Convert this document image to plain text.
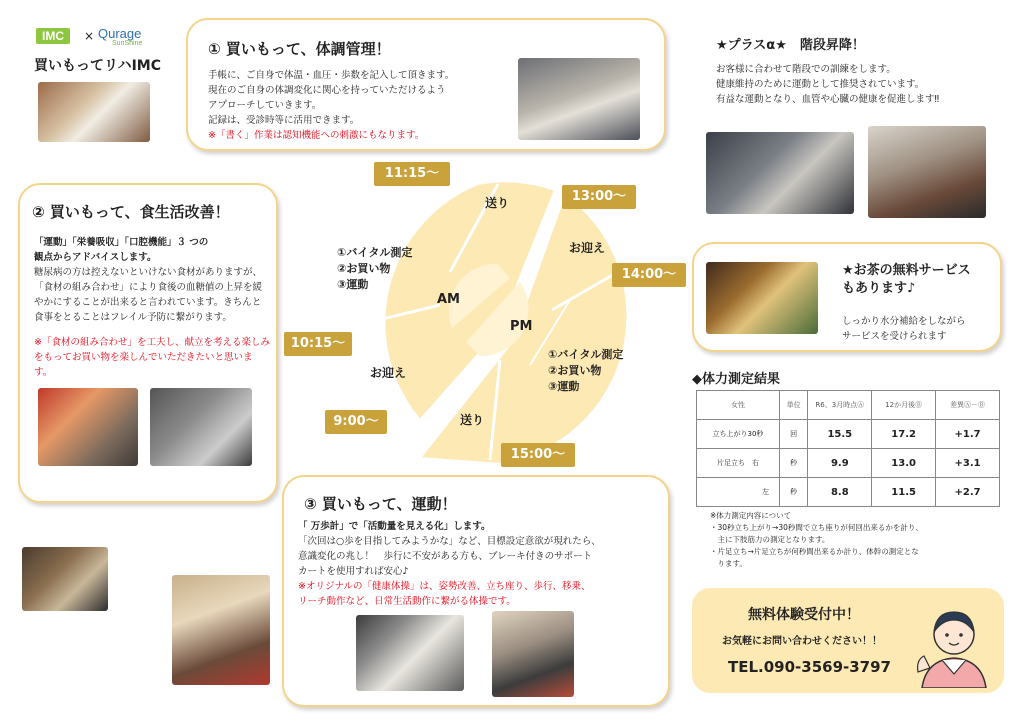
IMC	× Qurage
SunShine
買いもってリハIMC
① 買いもって、体調管理！
手帳に、ご自身で体温・血圧・歩数を記入して頂きます。
現在のご自身の体調変化に関心を持っていただけるよう
アプローチしていきます。
記録は、受診時等に活用できます。
※「書く」作業は認知機能への刺激にもなります。
② 買いもって、食生活改善！
「運動」「栄養吸収」「口腔機能」３ つの
観点からアドバイスします。
糖尿病の方は控えないといけない食材がありますが、「食材の組み合わせ」により食後の血糖値の上昇を緩やかにすることが出来ると言われています。きちんと食事をとることはフレイル予防に繋がります。
※「食材の組み合わせ」を工夫し、献立を考える楽しみをもってお買い物を楽しんでいただきたいと思います。
AM
PM
送り
お迎え
お迎え
送り
①バイタル測定
②お買い物
③運動
①バイタル測定
②お買い物
③運動
9:00〜
10:15〜
11:15〜
13:00〜
14:00〜
15:00〜
③ 買いもって、運動！
「 万歩計」で「活動量を見える化」します。
「次回は○歩を目指してみようかな」など、目標設定意欲が現れたら、
意識変化の兆し！　歩行に不安がある方も、ブレーキ付きのサポート
カートを使用すれば安心♪
※オリジナルの「健康体操」は、姿勢改善、立ち座り、歩行、移乗、
リーチ動作など、日常生活動作に繋がる体操です。
★プラスα★　階段昇降！
お客様に合わせて階段での訓練をします。
健康維持のために運動として推奨されています。
有益な運動となり、血管や心臓の健康を促進します‼
★お茶の無料サービス
もあります♪
しっかり水分補給をしながら
サービスを受けられます
◆体力測定結果
女性	単位	R6、3月時点Ⓐ	12か月後Ⓑ	差異Ⓐ－Ⓑ
立ち上がり30秒	回	15.5	17.2	+1.7
片足立ち　右	秒	9.9	13.0	+3.1
左	秒	8.8	11.5	+2.7
※体力測定内容について
・30秒立ち上がり→30秒間で立ち座りが何回出来るかを計り、
　主に下肢筋力の測定となります。
・片足立ち→片足立ちが何秒間出来るか計り、体幹の測定とな
　ります。
無料体験受付中！
お気軽にお問い合わせください！！
TEL.090-3569-3797
